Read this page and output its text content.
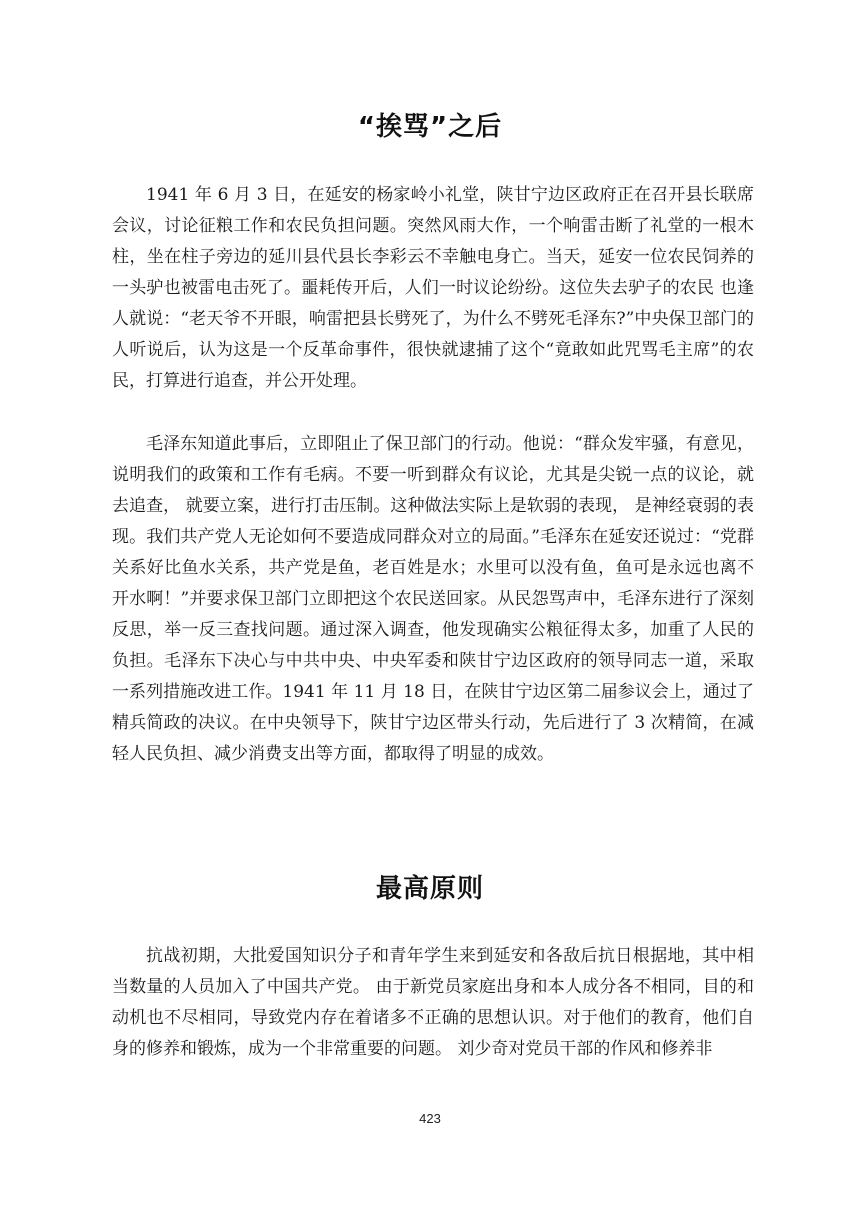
“挨骂”之后

1941 年 6 月 3 日，在延安的杨家岭小礼堂，陕甘宁边区政府正在召开县长联席会议，讨论征粮工作和农民负担问题。突然风雨大作，一个响雷击断了礼堂的一根木柱，坐在柱子旁边的延川县代县长李彩云不幸触电身亡。当天，延安一位农民饲养的一头驴也被雷电击死了。噩耗传开后，人们一时议论纷纷。这位失去驴子的农民 也逢人就说：“老天爷不开眼，响雷把县长劈死了，为什么不劈死毛泽东?”中央保卫部门的人听说后，认为这是一个反革命事件，很快就逮捕了这个“竟敢如此咒骂毛主席”的农民，打算进行追查，并公开处理。

毛泽东知道此事后，立即阻止了保卫部门的行动。他说：“群众发牢骚，有意见，说明我们的政策和工作有毛病。不要一听到群众有议论，尤其是尖锐一点的议论，就去追查， 就要立案，进行打击压制。这种做法实际上是软弱的表现， 是神经衰弱的表现。我们共产党人无论如何不要造成同群众对立的局面。”毛泽东在延安还说过：“党群关系好比鱼水关系，共产党是鱼，老百姓是水；水里可以没有鱼，鱼可是永远也离不开水啊！”并要求保卫部门立即把这个农民送回家。从民怨骂声中，毛泽东进行了深刻反思，举一反三查找问题。通过深入调查，他发现确实公粮征得太多，加重了人民的负担。毛泽东下决心与中共中央、中央军委和陕甘宁边区政府的领导同志一道，采取一系列措施改进工作。1941 年 11 月 18 日，在陕甘宁边区第二届参议会上，通过了精兵简政的决议。在中央领导下，陕甘宁边区带头行动，先后进行了 3 次精简，在减轻人民负担、减少消费支出等方面，都取得了明显的成效。

最高原则

抗战初期，大批爱国知识分子和青年学生来到延安和各敌后抗日根据地，其中相当数量的人员加入了中国共产党。 由于新党员家庭出身和本人成分各不相同，目的和动机也不尽相同，导致党内存在着诸多不正确的思想认识。对于他们的教育，他们自身的修养和锻炼，成为一个非常重要的问题。 刘少奇对党员干部的作风和修养非

423
